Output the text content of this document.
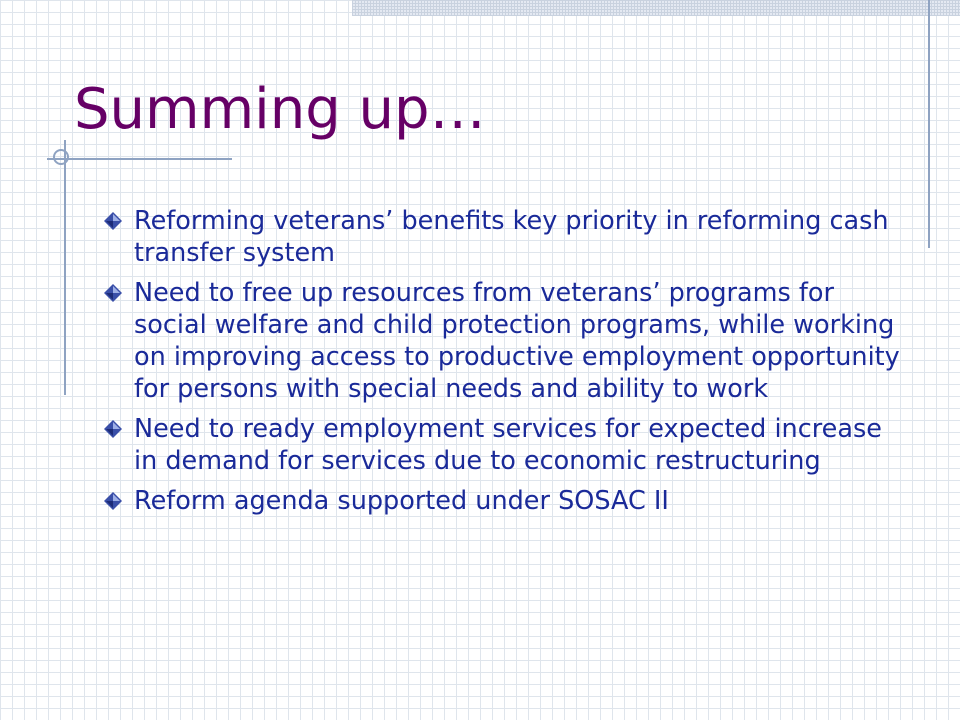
Summing up…
Reforming veterans’ benefits key priority in reforming cash transfer system
Need to free up resources from veterans’ programs for social welfare and child protection programs, while working on improving access to productive employment opportunity for persons with special needs and ability to work
Need to ready employment services for expected increase in demand for services due to economic restructuring
Reform agenda supported under SOSAC II
